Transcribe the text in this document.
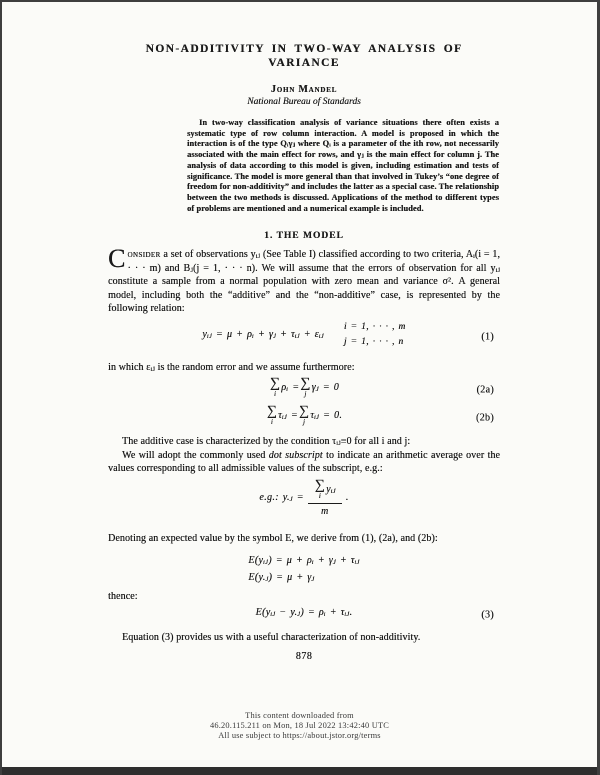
NON-ADDITIVITY IN TWO-WAY ANALYSIS OF VARIANCE
John Mandel
National Bureau of Standards
In two-way classification analysis of variance situations there often exists a systematic type of row column interaction. A model is proposed in which the interaction is of the type Qᵢγⱼ where Qᵢ is a parameter of the ith row, not necessarily associated with the main effect for rows, and γⱼ is the main effect for column j. The analysis of data according to this model is given, including estimation and tests of significance. The model is more general than that involved in Tukey’s “one degree of freedom for non-additivity” and includes the latter as a special case. The relationship between the two methods is discussed. Applications of the method to different types of problems are mentioned and a numerical example is included.
1. THE MODEL
Consider a set of observations yᵢⱼ (See Table I) classified according to two criteria, Aᵢ(i = 1, · · · m) and Bⱼ(j = 1, · · · n). We will assume that the errors of observation for all yᵢⱼ constitute a sample from a normal population with zero mean and variance σ². A general model, including both the “additive” and the “non-additive” case, is represented by the following relation:
yᵢⱼ = μ + ρᵢ + γⱼ + τᵢⱼ + εᵢⱼ
i = 1, · · · , m
j = 1, · · · , n	(1)
in which εᵢⱼ is the random error and we assume furthermore:
∑
i
ρᵢ = ∑
j
γⱼ = 0	(2a)
∑
i
τᵢⱼ = ∑
j
τᵢⱼ = 0.	(2b)
The additive case is characterized by the condition τᵢⱼ≡0 for all i and j:
We will adopt the commonly used dot subscript to indicate an arithmetic average over the values corresponding to all admissible values of the subscript, e.g.:
e.g.: y.ⱼ = ∑
i
yᵢⱼ
m .
Denoting an expected value by the symbol E, we derive from (1), (2a), and (2b):
E(yᵢⱼ) = μ + ρᵢ + γⱼ + τᵢⱼ
E(y.ⱼ) = μ + γⱼ
thence:
E(yᵢⱼ − y.ⱼ) = ρᵢ + τᵢⱼ.	(3)
Equation (3) provides us with a useful characterization of non-additivity.
878
This content downloaded from
46.20.115.211 on Mon, 18 Jul 2022 13:42:40 UTC
All use subject to https://about.jstor.org/terms
